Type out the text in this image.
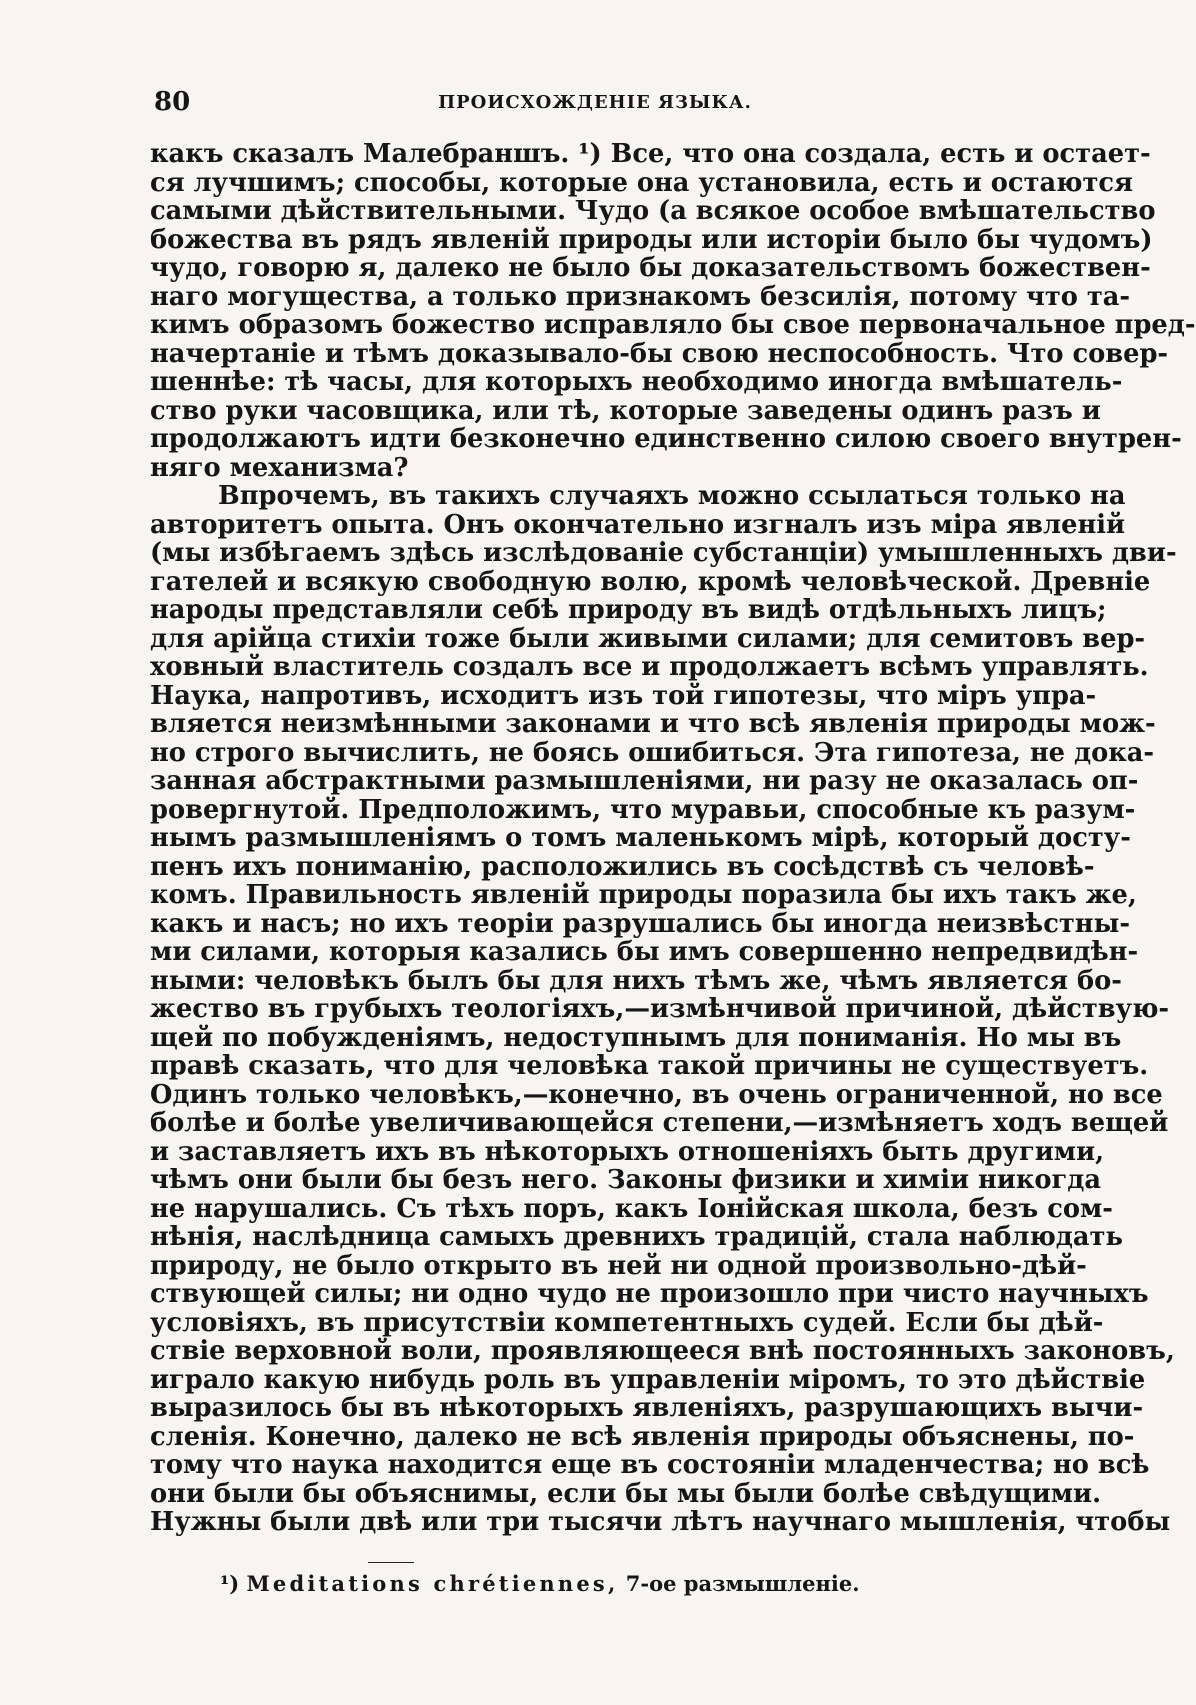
80	ПРОИСХОЖДЕНІЕ ЯЗЫКА.
какъ сказалъ Малебраншъ. ¹) Все, что она создала, есть и остает-
ся лучшимъ; способы, которые она установила, есть и остаются
самыми дѣйствительными. Чудо (а всякое особое вмѣшательство
божества въ рядъ явленій природы или исторіи было бы чудомъ)
чудо, говорю я, далеко не было бы доказательствомъ божествен-
наго могущества, а только признакомъ безсилія, потому что та-
кимъ образомъ божество исправляло бы свое первоначальное пред-
начертаніе и тѣмъ доказывало-бы свою неспособность. Что совер-
шеннѣе: тѣ часы, для которыхъ необходимо иногда вмѣшатель-
ство руки часовщика, или тѣ, которые заведены одинъ разъ и
продолжаютъ идти безконечно единственно силою своего внутрен-
няго механизма?
Впрочемъ, въ такихъ случаяхъ можно ссылаться только на
авторитетъ опыта. Онъ окончательно изгналъ изъ міра явленій
(мы избѣгаемъ здѣсь изслѣдованіе субстанціи) умышленныхъ дви-
гателей и всякую свободную волю, кромѣ человѣческой. Древніе
народы представляли себѣ природу въ видѣ отдѣльныхъ лицъ;
для арійца стихіи тоже были живыми силами; для семитовъ вер-
ховный властитель создалъ все и продолжаетъ всѣмъ управлять.
Наука, напротивъ, исходитъ изъ той гипотезы, что міръ упра-
вляется неизмѣнными законами и что всѣ явленія природы мож-
но строго вычислить, не боясь ошибиться. Эта гипотеза, не дока-
занная абстрактными размышленіями, ни разу не оказалась оп-
ровергнутой. Предположимъ, что муравьи, способные къ разум-
нымъ размышленіямъ о томъ маленькомъ мірѣ, который досту-
пенъ ихъ пониманію, расположились въ сосѣдствѣ съ человѣ-
комъ. Правильность явленій природы поразила бы ихъ такъ же,
какъ и насъ; но ихъ теоріи разрушались бы иногда неизвѣстны-
ми силами, которыя казались бы имъ совершенно непредвидѣн-
ными: человѣкъ былъ бы для нихъ тѣмъ же, чѣмъ является бо-
жество въ грубыхъ теологіяхъ,—измѣнчивой причиной, дѣйствую-
щей по побужденіямъ, недоступнымъ для пониманія. Но мы въ
правѣ сказать, что для человѣка такой причины не существуетъ.
Одинъ только человѣкъ,—конечно, въ очень ограниченной, но все
болѣе и болѣе увеличивающейся степени,—измѣняетъ ходъ вещей
и заставляетъ ихъ въ нѣкоторыхъ отношеніяхъ быть другими,
чѣмъ они были бы безъ него. Законы физики и химіи никогда
не нарушались. Съ тѣхъ поръ, какъ Іонійская школа, безъ сом-
нѣнія, наслѣдница самыхъ древнихъ традицій, стала наблюдать
природу, не было открыто въ ней ни одной произвольно-дѣй-
ствующей силы; ни одно чудо не произошло при чисто научныхъ
условіяхъ, въ присутствіи компетентныхъ судей. Если бы дѣй-
ствіе верховной воли, проявляющееся внѣ постоянныхъ законовъ,
играло какую нибудь роль въ управленіи міромъ, то это дѣйствіе
выразилось бы въ нѣкоторыхъ явленіяхъ, разрушающихъ вычи-
сленія. Конечно, далеко не всѣ явленія природы объяснены, по-
тому что наука находится еще въ состояніи младенчества; но всѣ
они были бы объяснимы, если бы мы были болѣе свѣдущими.
Нужны были двѣ или три тысячи лѣтъ научнаго мышленія, чтобы
¹) Meditations chrétiennes, 7-ое размышленіе.
